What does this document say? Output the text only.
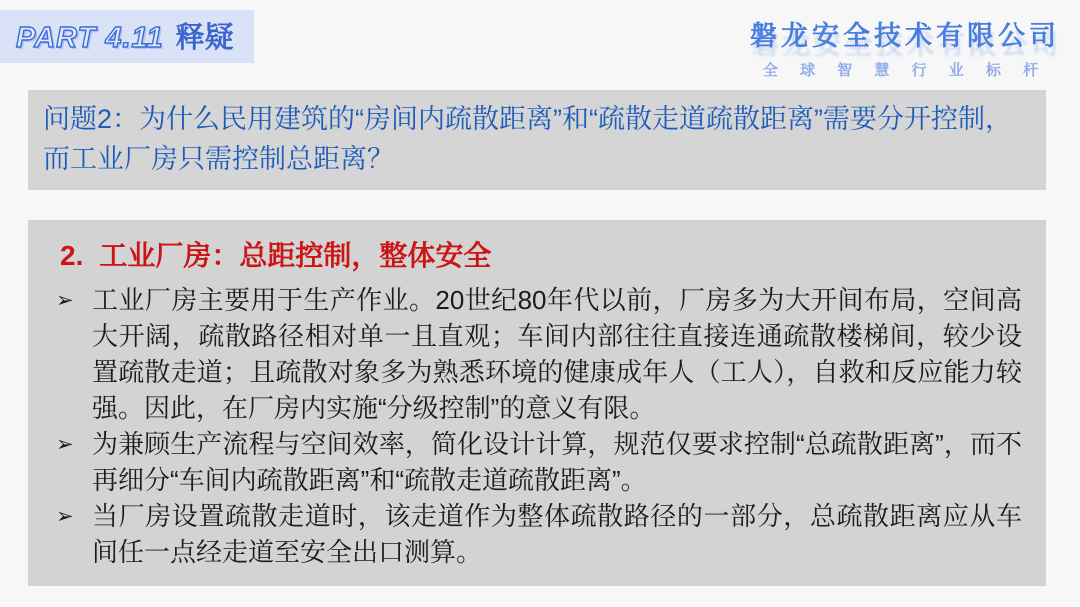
PART 4.11 释疑	磐龙安全技术有限公司
全 球 智 慧 行 业 标 杆
问题2：为什么民用建筑的“房间内疏散距离”和“疏散走道疏散距离”需要分开控制，而工业厂房只需控制总距离？
2. 工业厂房：总距控制，整体安全
➢ 工业厂房主要用于生产作业。20世纪80年代以前，厂房多为大开间布局，空间高大开阔，疏散路径相对单一且直观；车间内部往往直接连通疏散楼梯间，较少设置疏散走道；且疏散对象多为熟悉环境的健康成年人（工人），自救和反应能力较强。因此，在厂房内实施“分级控制”的意义有限。
➢ 为兼顾生产流程与空间效率，简化设计计算，规范仅要求控制“总疏散距离”，而不再细分“车间内疏散距离”和“疏散走道疏散距离”。
➢ 当厂房设置疏散走道时，该走道作为整体疏散路径的一部分，总疏散距离应从车间任一点经走道至安全出口测算。
